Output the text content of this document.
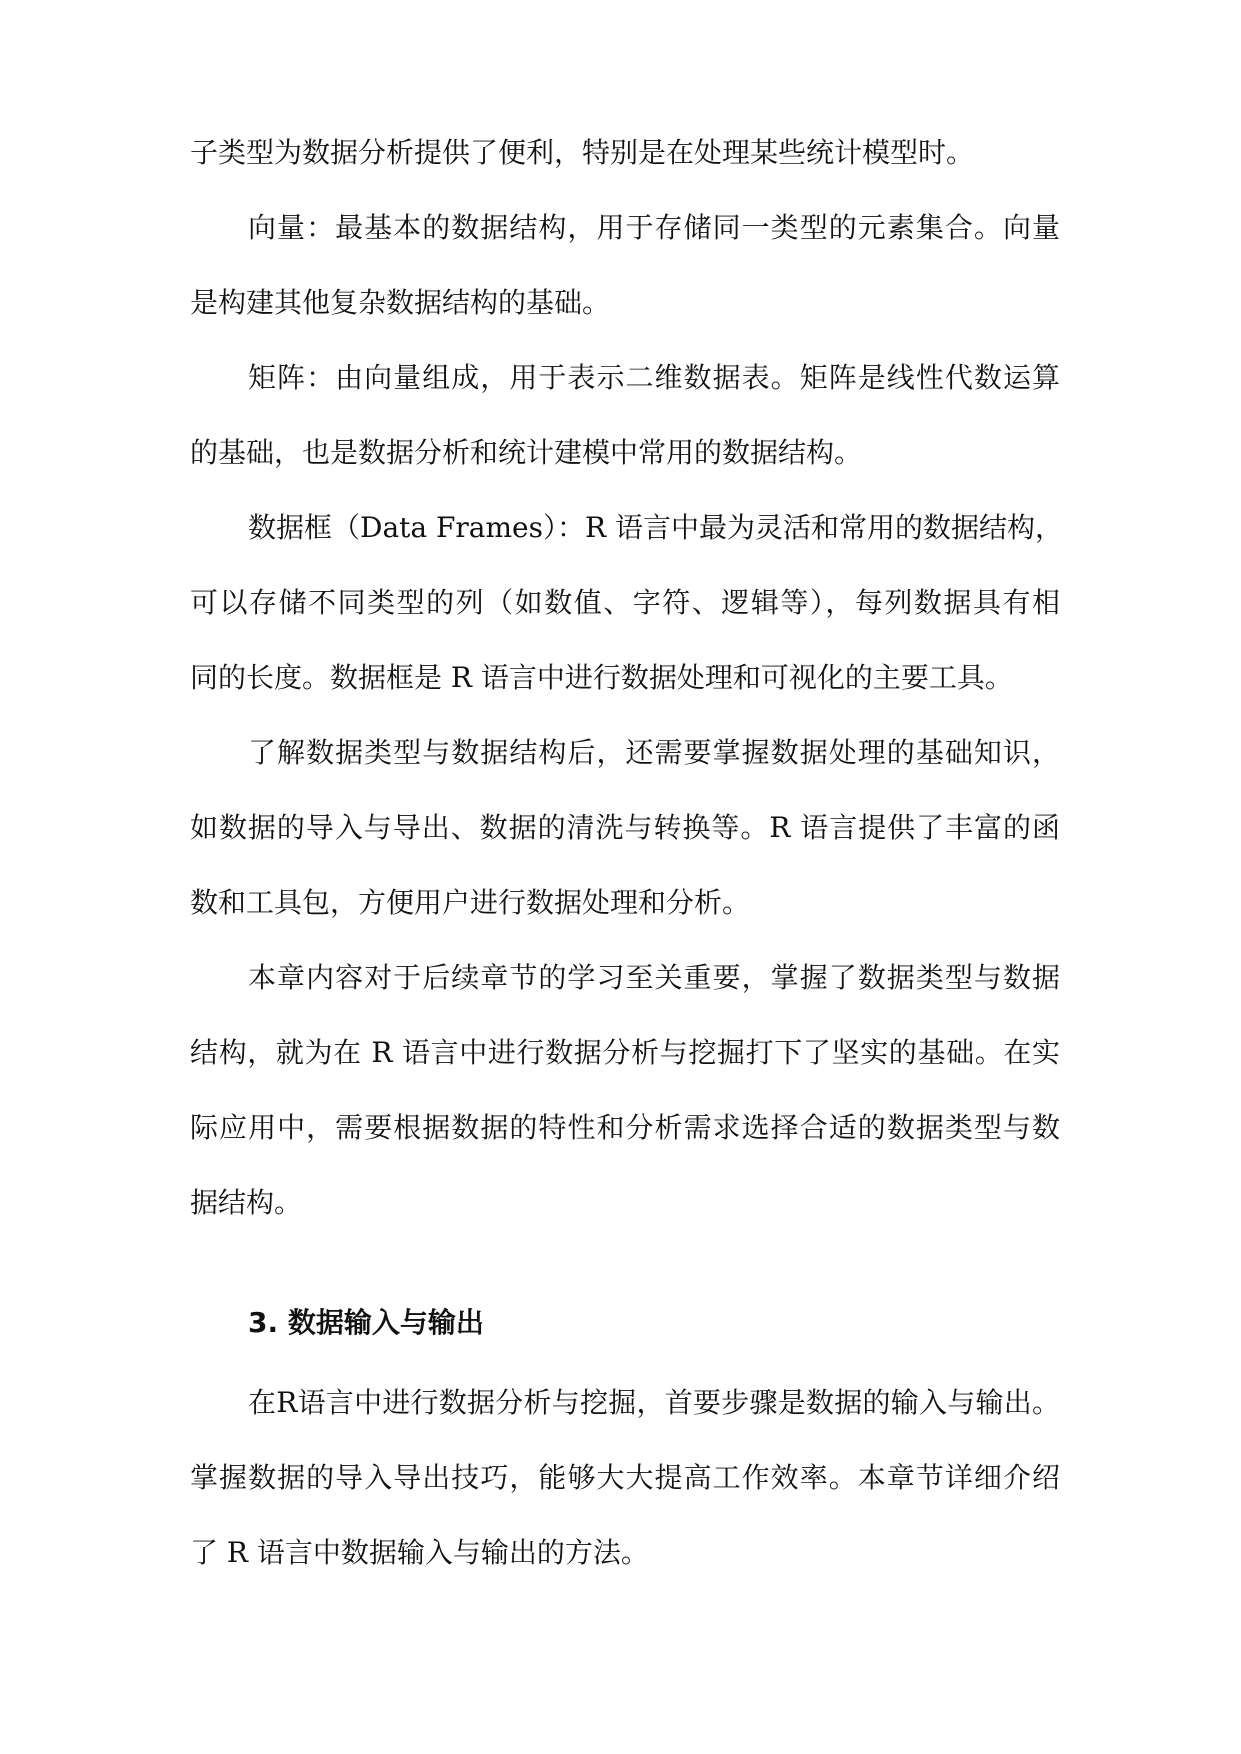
子类型为数据分析提供了便利，特别是在处理某些统计模型时。
向量：最基本的数据结构，用于存储同一类型的元素集合。向量
是构建其他复杂数据结构的基础。
矩阵：由向量组成，用于表示二维数据表。矩阵是线性代数运算
的基础，也是数据分析和统计建模中常用的数据结构。
数据框（Data Frames）：R 语言中最为灵活和常用的数据结构，
可以存储不同类型的列（如数值、字符、逻辑等），每列数据具有相
同的长度。数据框是 R 语言中进行数据处理和可视化的主要工具。
了解数据类型与数据结构后，还需要掌握数据处理的基础知识，
如数据的导入与导出、数据的清洗与转换等。R 语言提供了丰富的函
数和工具包，方便用户进行数据处理和分析。
本章内容对于后续章节的学习至关重要，掌握了数据类型与数据
结构，就为在 R 语言中进行数据分析与挖掘打下了坚实的基础。在实
际应用中，需要根据数据的特性和分析需求选择合适的数据类型与数
据结构。
3. 数据输入与输出
在R语言中进行数据分析与挖掘，首要步骤是数据的输入与输出。
掌握数据的导入导出技巧，能够大大提高工作效率。本章节详细介绍
了 R 语言中数据输入与输出的方法。
